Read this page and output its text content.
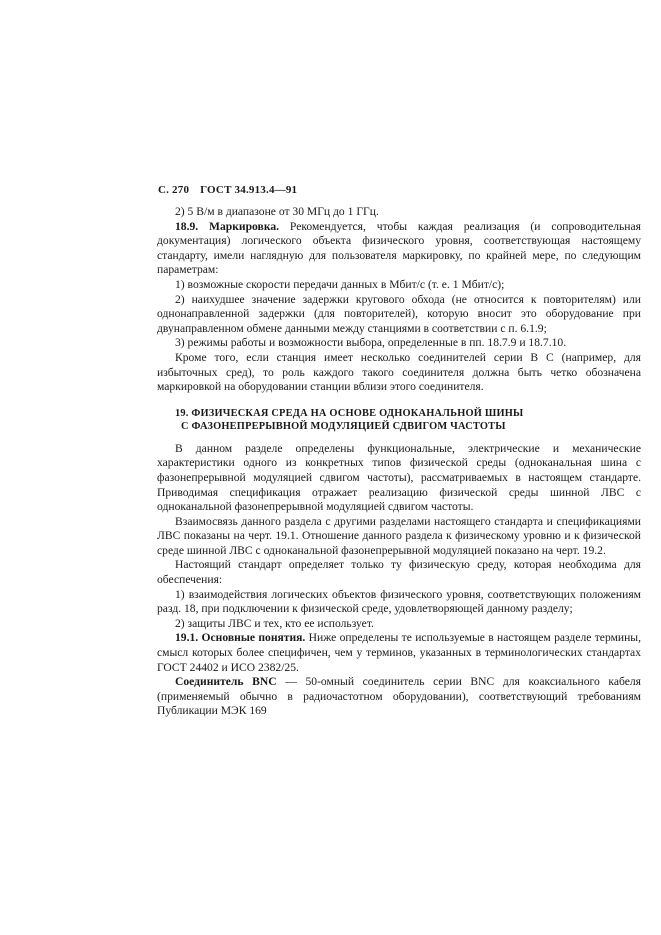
С. 270 ГОСТ 34.913.4—91

2) 5 В/м в диапазоне от 30 МГц до 1 ГГц.

18.9. Маркировка. Рекомендуется, чтобы каждая реализация (и сопроводительная документация) логического объекта физического уровня, соответствующая настоящему стандарту, имели наглядную для пользователя маркировку, по крайней мере, по следующим параметрам:

1) возможные скорости передачи данных в Мбит/с (т. е. 1 Мбит/с);

2) наихудшее значение задержки кругового обхода (не относится к повторителям) или однонаправленной задержки (для повторителей), которую вносит это оборудование при двунаправленном обмене данными между станциями в соответствии с п. 6.1.9;

3) режимы работы и возможности выбора, определенные в пп. 18.7.9 и 18.7.10.

Кроме того, если станция имеет несколько соединителей серии В С (например, для избыточных сред), то роль каждого такого соединителя должна быть четко обозначена маркировкой на оборудовании станции вблизи этого соединителя.

19. ФИЗИЧЕСКАЯ СРЕДА НА ОСНОВЕ ОДНОКАНАЛЬНОЙ ШИНЫ
С ФАЗОНЕПРЕРЫВНОЙ МОДУЛЯЦИЕЙ СДВИГОМ ЧАСТОТЫ

В данном разделе определены функциональные, электрические и механические характеристики одного из конкретных типов физической среды (одноканальная шина с фазонепрерывной модуляцией сдвигом частоты), рассматриваемых в настоящем стандарте. Приводимая спецификация отражает реализацию физической среды шинной ЛВС с одноканальной фазонепрерывной модуляцией сдвигом частоты.

Взаимосвязь данного раздела с другими разделами настоящего стандарта и спецификациями ЛВС показаны на черт. 19.1. Отношение данного раздела к физическому уровню и к физической среде шинной ЛВС с одноканальной фазонепрерывной модуляцией показано на черт. 19.2.

Настоящий стандарт определяет только ту физическую среду, которая необходима для обеспечения:

1) взаимодействия логических объектов физического уровня, соответствующих положениям разд. 18, при подключении к физической среде, удовлетворяющей данному разделу;

2) защиты ЛВС и тех, кто ее использует.

19.1. Основные понятия. Ниже определены те используемые в настоящем разделе термины, смысл которых более специфичен, чем у терминов, указанных в терминологических стандартах ГОСТ 24402 и ИСО 2382/25.

Соединитель BNC — 50-омный соединитель серии BNC для коаксиального кабеля (применяемый обычно в радиочастотном оборудовании), соответствующий требованиям Публикации МЭК 169
